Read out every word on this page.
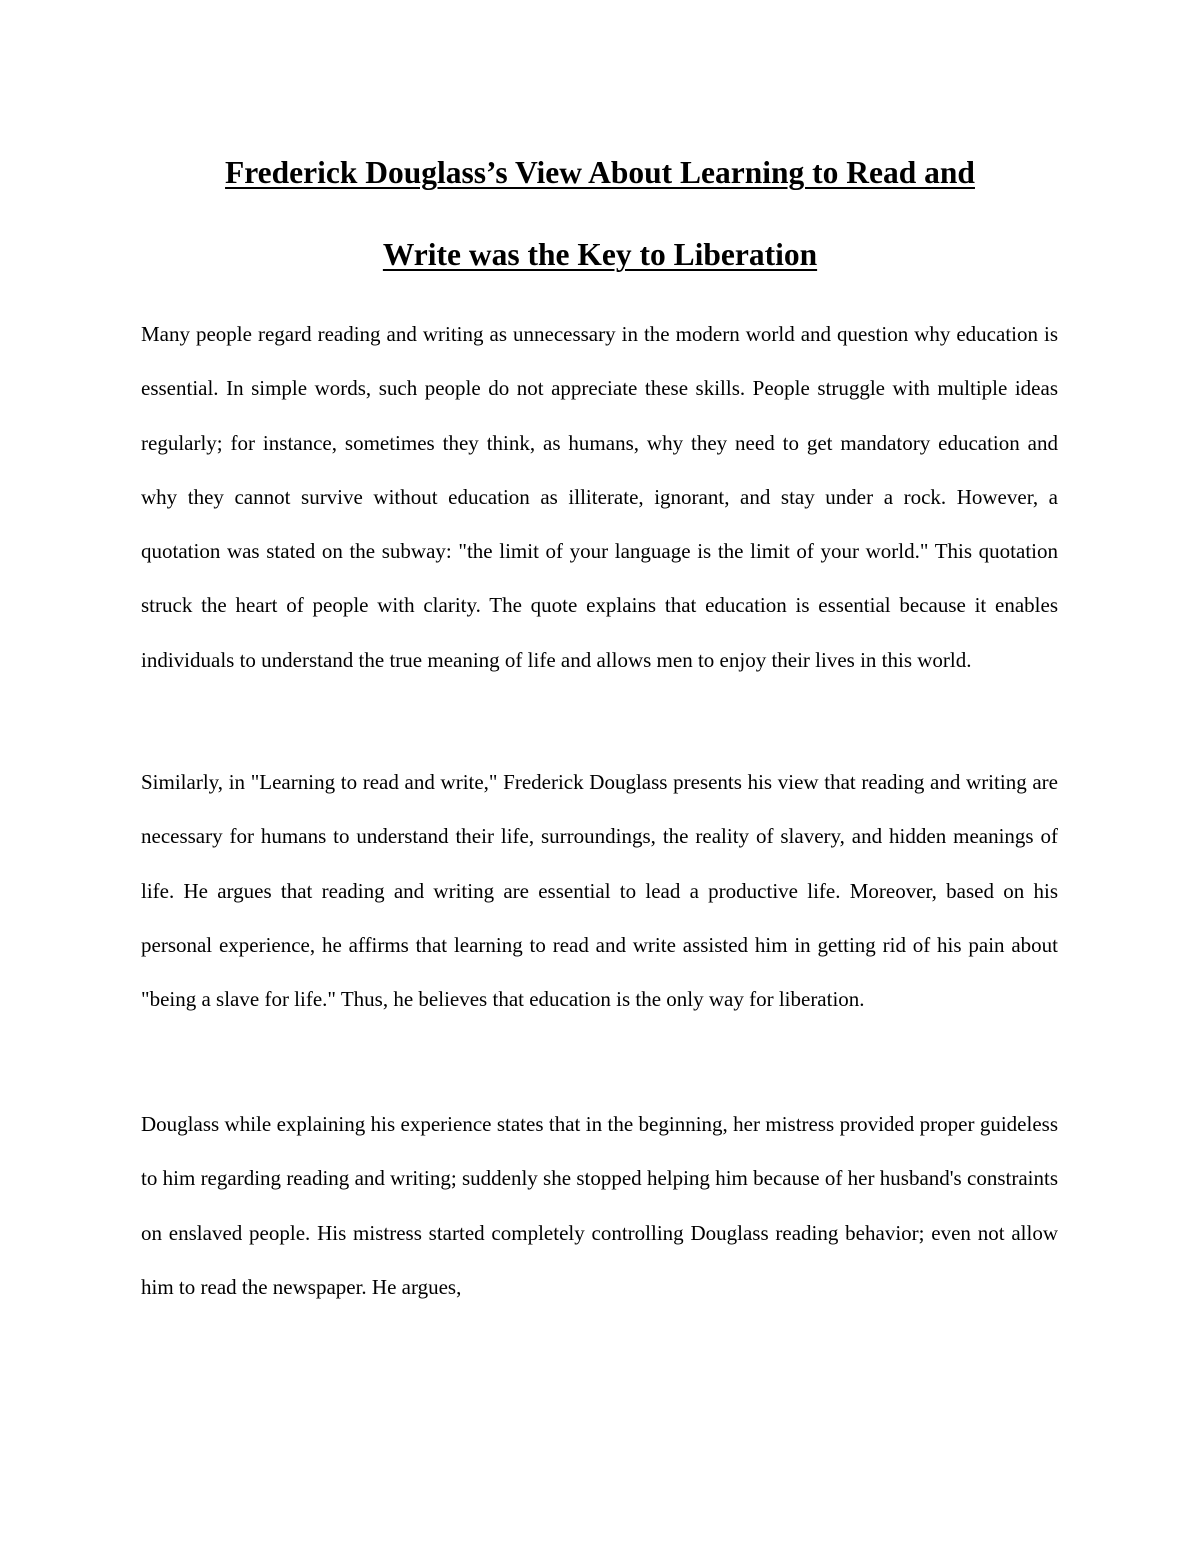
Frederick Douglass’s View About Learning to Read and
Write was the Key to Liberation

Many people regard reading and writing as unnecessary in the modern world and question why education is essential. In simple words, such people do not appreciate these skills. People struggle with multiple ideas regularly; for instance, sometimes they think, as humans, why they need to get mandatory education and why they cannot survive without education as illiterate, ignorant, and stay under a rock. However, a quotation was stated on the subway: "the limit of your language is the limit of your world." This quotation struck the heart of people with clarity. The quote explains that education is essential because it enables individuals to understand the true meaning of life and allows men to enjoy their lives in this world.

Similarly, in "Learning to read and write," Frederick Douglass presents his view that reading and writing are necessary for humans to understand their life, surroundings, the reality of slavery, and hidden meanings of life. He argues that reading and writing are essential to lead a productive life. Moreover, based on his personal experience, he affirms that learning to read and write assisted him in getting rid of his pain about "being a slave for life." Thus, he believes that education is the only way for liberation.

Douglass while explaining his experience states that in the beginning, her mistress provided proper guideless to him regarding reading and writing; suddenly she stopped helping him because of her husband's constraints on enslaved people. His mistress started completely controlling Douglass reading behavior; even not allow him to read the newspaper. He argues,
